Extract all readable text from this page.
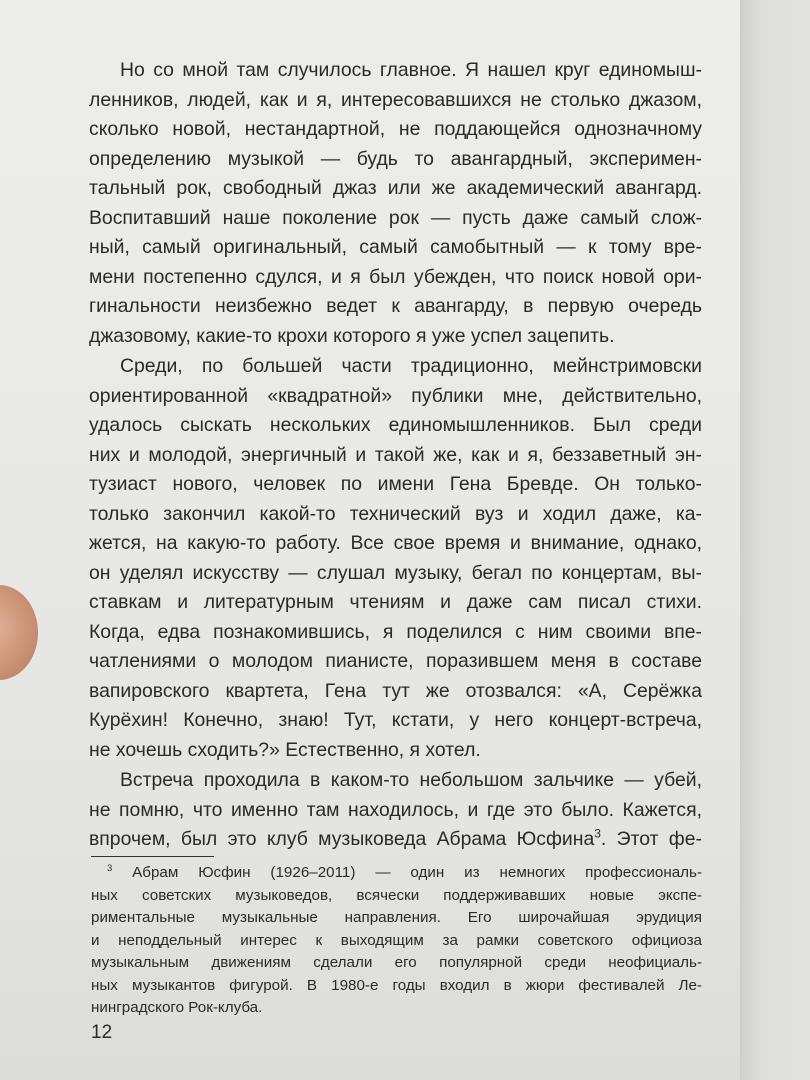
Но со мной там случилось главное. Я нашел круг единомыш-
ленников, людей, как и я, интересовавшихся не столько джазом,
сколько новой, нестандартной, не поддающейся однозначному
определению музыкой — будь то авангардный, эксперимен-
тальный рок, свободный джаз или же академический авангард.
Воспитавший наше поколение рок — пусть даже самый слож-
ный, самый оригинальный, самый самобытный — к тому вре-
мени постепенно сдулся, и я был убежден, что поиск новой ори-
гинальности неизбежно ведет к авангарду, в первую очередь
джазовому, какие-то крохи которого я уже успел зацепить.
Среди, по большей части традиционно, мейнстримовски
ориентированной «квадратной» публики мне, действительно,
удалось сыскать нескольких единомышленников. Был среди
них и молодой, энергичный и такой же, как и я, беззаветный эн-
тузиаст нового, человек по имени Гена Бревде. Он только-
только закончил какой-то технический вуз и ходил даже, ка-
жется, на какую-то работу. Все свое время и внимание, однако,
он уделял искусству — слушал музыку, бегал по концертам, вы-
ставкам и литературным чтениям и даже сам писал стихи.
Когда, едва познакомившись, я поделился с ним своими впе-
чатлениями о молодом пианисте, поразившем меня в составе
вапировского квартета, Гена тут же отозвался: «А, Серёжка
Курёхин! Конечно, знаю! Тут, кстати, у него концерт-встреча,
не хочешь сходить?» Естественно, я хотел.
Встреча проходила в каком-то небольшом зальчике — убей,
не помню, что именно там находилось, и где это было. Кажется,
впрочем, был это клуб музыковеда Абрама Юсфина$^3$. Этот фе-
$^3$ Абрам Юсфин (1926–2011) — один из немногих профессиональ-
ных советских музыковедов, всячески поддерживавших новые экспе-
риментальные музыкальные направления. Его широчайшая эрудиция
и неподдельный интерес к выходящим за рамки советского официоза
музыкальным движениям сделали его популярной среди неофициаль-
ных музыкантов фигурой. В 1980-е годы входил в жюри фестивалей Ле-
нинградского Рок-клуба.
12
